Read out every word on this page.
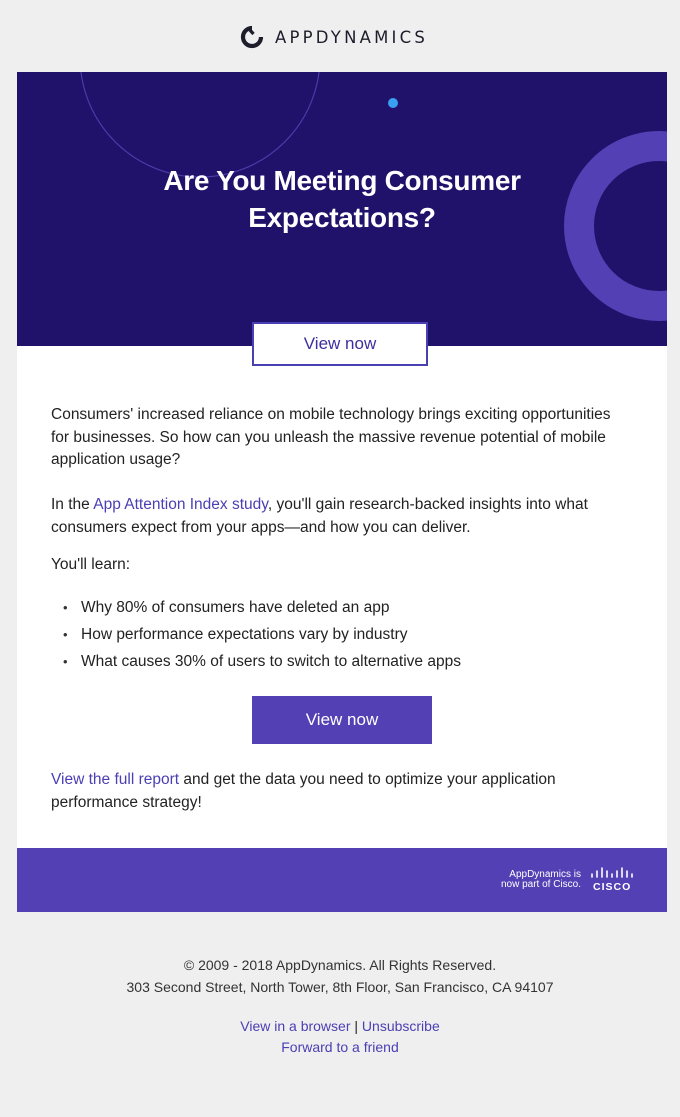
APPDYNAMICS
Are You Meeting Consumer
Expectations?
View now

Consumers' increased reliance on mobile technology brings exciting opportunities for businesses. So how can you unleash the massive revenue potential of mobile application usage?

In the App Attention Index study, you'll gain research-backed insights into what consumers expect from your apps—and how you can deliver.

You'll learn:

• Why 80% of consumers have deleted an app
• How performance expectations vary by industry
• What causes 30% of users to switch to alternative apps
View now

View the full report and get the data you need to optimize your application performance strategy!

AppDynamics is
now part of Cisco. CISCO
© 2009 - 2018 AppDynamics. All Rights Reserved.
303 Second Street, North Tower, 8th Floor, San Francisco, CA 94107
View in a browser | Unsubscribe
Forward to a friend
